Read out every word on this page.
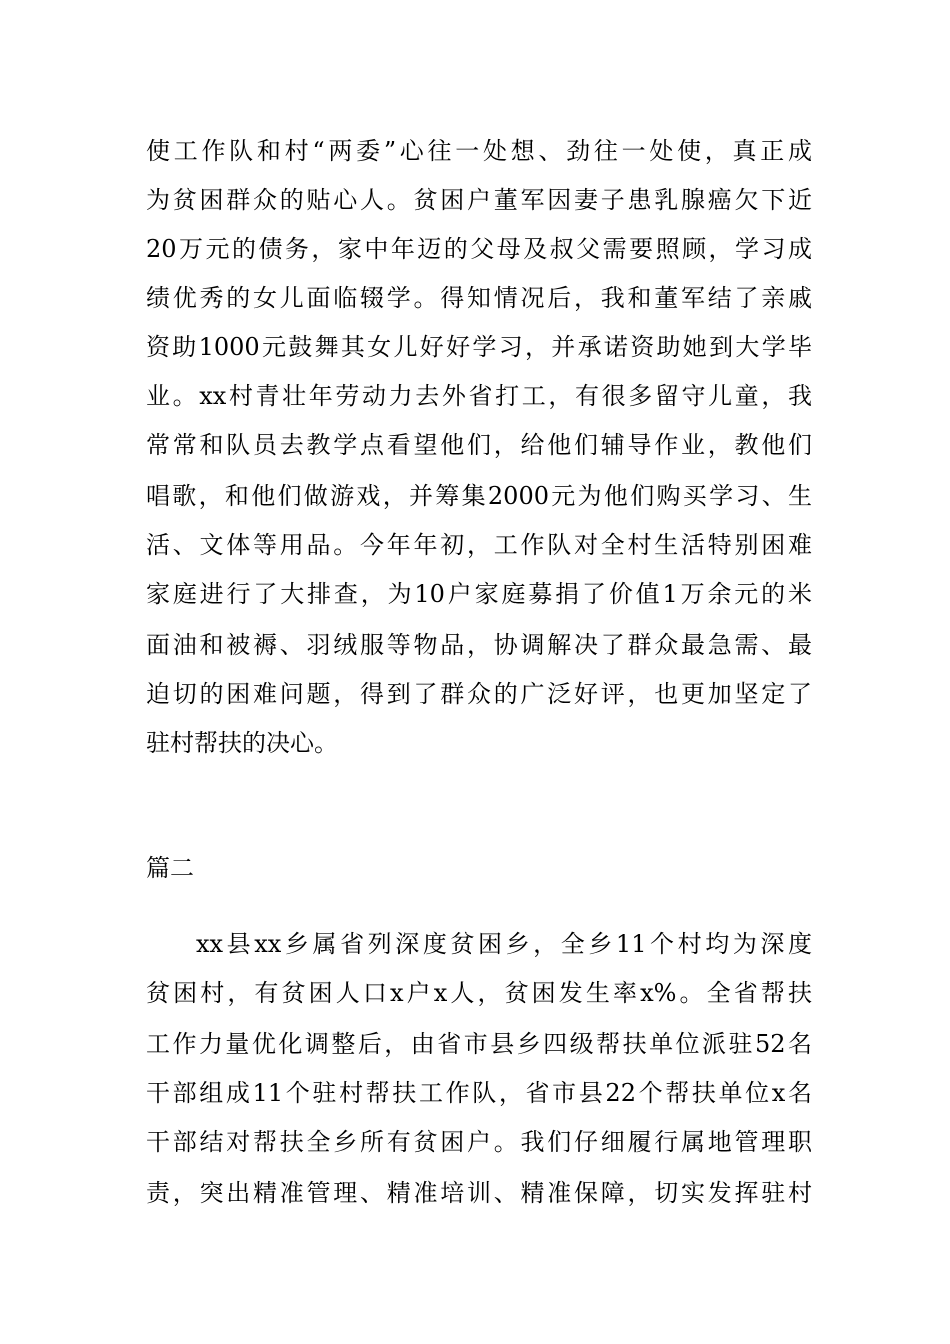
使工作队和村“两委”心往一处想、劲往一处使，真正成
为贫困群众的贴心人。贫困户董军因妻子患乳腺癌欠下近
20万元的债务，家中年迈的父母及叔父需要照顾，学习成
绩优秀的女儿面临辍学。得知情况后，我和董军结了亲戚
资助1000元鼓舞其女儿好好学习，并承诺资助她到大学毕
业。xx村青壮年劳动力去外省打工，有很多留守儿童，我
常常和队员去教学点看望他们，给他们辅导作业，教他们
唱歌，和他们做游戏，并筹集2000元为他们购买学习、生
活、文体等用品。今年年初，工作队对全村生活特别困难
家庭进行了大排查，为10户家庭募捐了价值1万余元的米
面油和被褥、羽绒服等物品，协调解决了群众最急需、最
迫切的困难问题，得到了群众的广泛好评，也更加坚定了
驻村帮扶的决心。
篇二
xx县xx乡属省列深度贫困乡，全乡11个村均为深度
贫困村，有贫困人口x户x人，贫困发生率x%。全省帮扶
工作力量优化调整后，由省市县乡四级帮扶单位派驻52名
干部组成11个驻村帮扶工作队，省市县22个帮扶单位x名
干部结对帮扶全乡所有贫困户。我们仔细履行属地管理职
责，突出精准管理、精准培训、精准保障，切实发挥驻村
